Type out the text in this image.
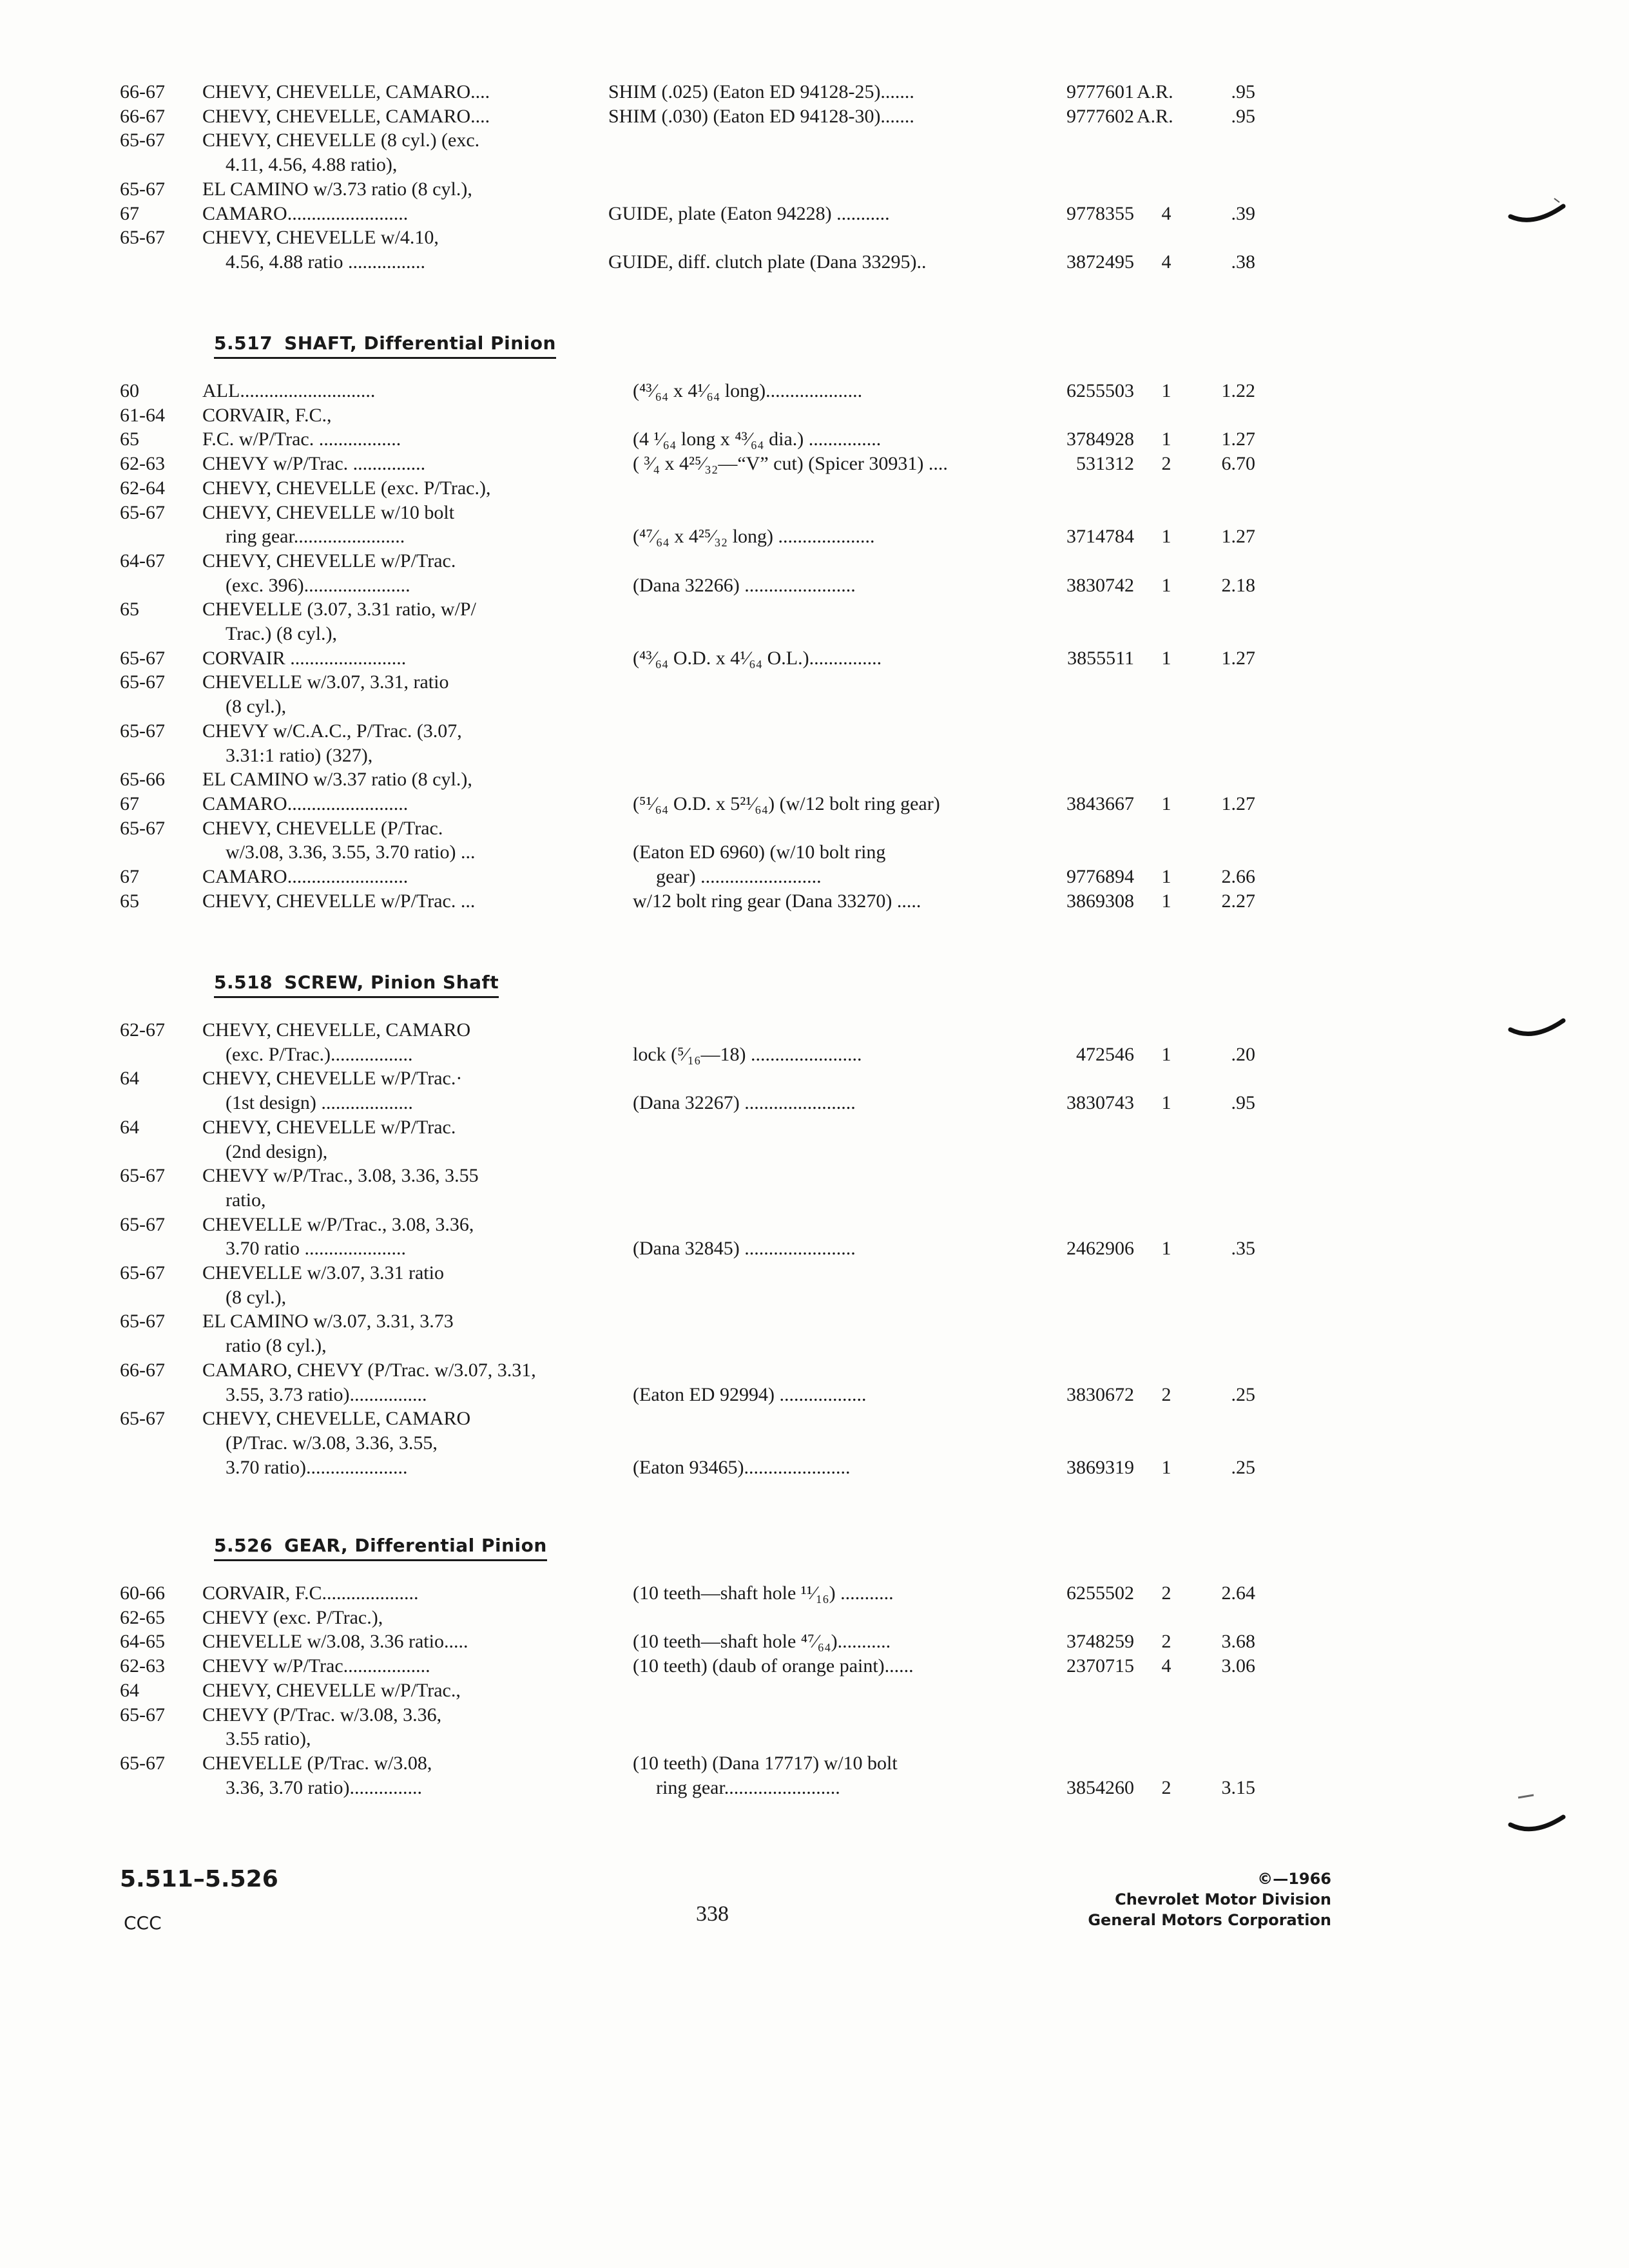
66-67 CHEVY, CHEVELLE, CAMARO....	SHIM (.025) (Eaton ED 94128-25).......	9777601 A.R.	.95
66-67 CHEVY, CHEVELLE, CAMARO....	SHIM (.030) (Eaton ED 94128-30).......	9777602 A.R.	.95
65-67 CHEVY, CHEVELLE (8 cyl.) (exc.
4.11, 4.56, 4.88 ratio),
65-67 EL CAMINO w/3.73 ratio (8 cyl.),
67	CAMARO.........................	GUIDE, plate (Eaton 94228) ...........	9778355	4	.39
65-67 CHEVY, CHEVELLE w/4.10,
4.56, 4.88 ratio ................	GUIDE, diff. clutch plate (Dana 33295)..	3872495	4	.38
5.517 SHAFT, Differential Pinion
60	ALL............................	(⁴³⁄₆₄ x 4¹⁄₆₄ long)....................	6255503	1	1.22
61-64 CORVAIR, F.C.,
65	F.C. w/P/Trac. .................	(4 ¹⁄₆₄ long x ⁴³⁄₆₄ dia.) ...............	3784928	1	1.27
62-63 CHEVY w/P/Trac. ...............	( ³⁄₄ x 4²⁵⁄₃₂—“V” cut) (Spicer 30931) ....	531312	2	6.70
62-64 CHEVY, CHEVELLE (exc. P/Trac.),
65-67 CHEVY, CHEVELLE w/10 bolt
ring gear.......................	(⁴⁷⁄₆₄ x 4²⁵⁄₃₂ long) ....................	3714784	1	1.27
64-67 CHEVY, CHEVELLE w/P/Trac.
(exc. 396)......................	(Dana 32266) .......................	3830742	1	2.18
65	CHEVELLE (3.07, 3.31 ratio, w/P/
Trac.) (8 cyl.),
65-67 CORVAIR ........................	(⁴³⁄₆₄ O.D. x 4¹⁄₆₄ O.L.)...............	3855511	1	1.27
65-67 CHEVELLE w/3.07, 3.31, ratio
(8 cyl.),
65-67 CHEVY w/C.A.C., P/Trac. (3.07,
3.31:1 ratio) (327),
65-66 EL CAMINO w/3.37 ratio (8 cyl.),
67	CAMARO.........................	(⁵¹⁄₆₄ O.D. x 5²¹⁄₆₄) (w/12 bolt ring gear)	3843667	1	1.27
65-67 CHEVY, CHEVELLE (P/Trac.
w/3.08, 3.36, 3.55, 3.70 ratio) ...	(Eaton ED 6960) (w/10 bolt ring
67	CAMARO.........................	gear) .........................	9776894	1	2.66
65	CHEVY, CHEVELLE w/P/Trac. ...	w/12 bolt ring gear (Dana 33270) .....	3869308	1	2.27
5.518 SCREW, Pinion Shaft
62-67 CHEVY, CHEVELLE, CAMARO
(exc. P/Trac.).................	lock (⁵⁄₁₆—18) .......................	472546	1	.20
64	CHEVY, CHEVELLE w/P/Trac.·
(1st design) ...................	(Dana 32267) .......................	3830743	1	.95
64	CHEVY, CHEVELLE w/P/Trac.
(2nd design),
65-67 CHEVY w/P/Trac., 3.08, 3.36, 3.55
ratio,
65-67 CHEVELLE w/P/Trac., 3.08, 3.36,
3.70 ratio .....................	(Dana 32845) .......................	2462906	1	.35
65-67 CHEVELLE w/3.07, 3.31 ratio
(8 cyl.),
65-67 EL CAMINO w/3.07, 3.31, 3.73
ratio (8 cyl.),
66-67 CAMARO, CHEVY (P/Trac. w/3.07, 3.31,
3.55, 3.73 ratio)................	(Eaton ED 92994) ..................	3830672	2	.25
65-67 CHEVY, CHEVELLE, CAMARO
(P/Trac. w/3.08, 3.36, 3.55,
3.70 ratio).....................	(Eaton 93465)......................	3869319	1	.25
5.526 GEAR, Differential Pinion
60-66 CORVAIR, F.C....................	(10 teeth—shaft hole ¹¹⁄₁₆) ...........	6255502	2	2.64
62-65 CHEVY (exc. P/Trac.),
64-65 CHEVELLE w/3.08, 3.36 ratio.....	(10 teeth—shaft hole ⁴⁷⁄₆₄)...........	3748259	2	3.68
62-63 CHEVY w/P/Trac..................	(10 teeth) (daub of orange paint)......	2370715	4	3.06
64	CHEVY, CHEVELLE w/P/Trac.,
65-67 CHEVY (P/Trac. w/3.08, 3.36,
3.55 ratio),
65-67 CHEVELLE (P/Trac. w/3.08,	(10 teeth) (Dana 17717) w/10 bolt
3.36, 3.70 ratio)...............	ring gear........................	3854260	2	3.15
5.511–5.526
CCC	338
©—1966
Chevrolet Motor Division
General Motors Corporation
